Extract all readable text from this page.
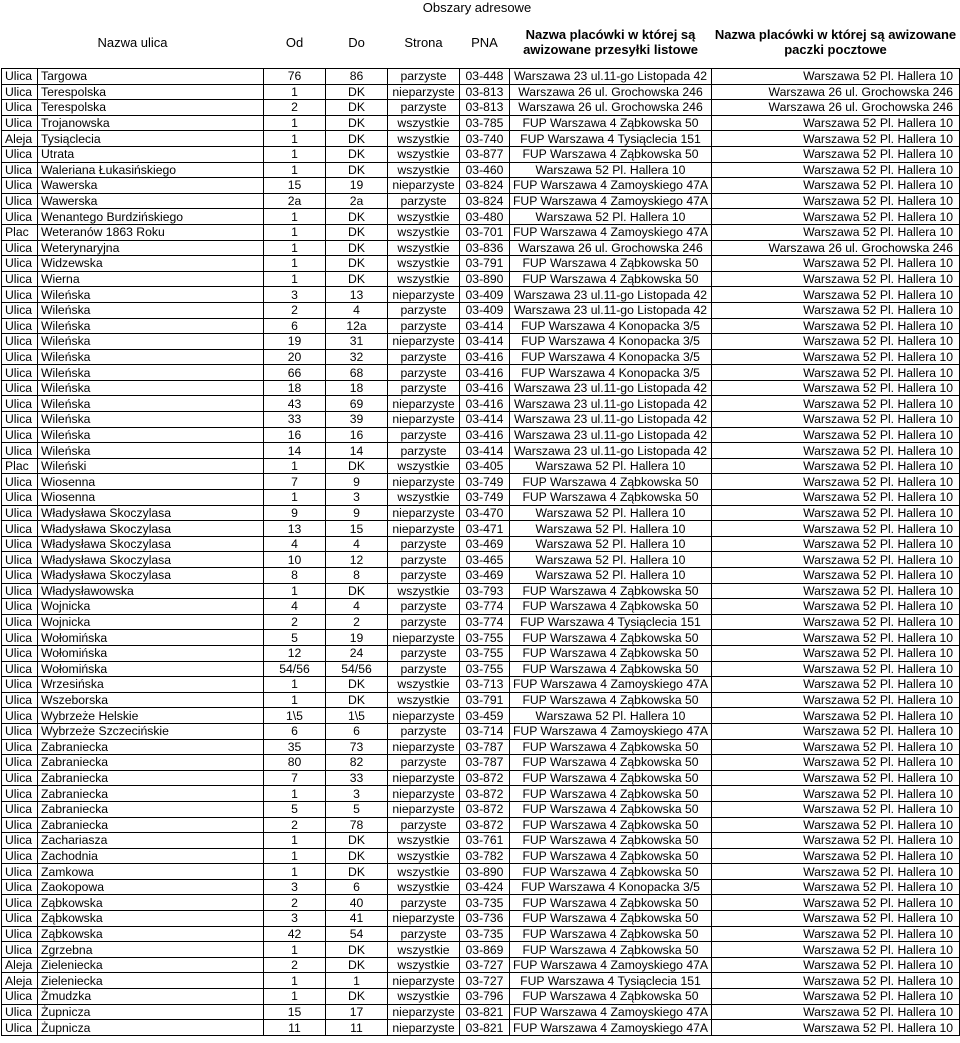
Obszary adresowe
Nazwa ulica		Od	Do	Strona	PNA	Nazwa placówki w której są awizowane przesyłki listowe	Nazwa placówki w której są awizowane paczki pocztowe
Ulica	Targowa	76	86	parzyste	03-448	Warszawa 23 ul.11-go Listopada 42	Warszawa 52 Pl. Hallera 10
Ulica	Terespolska	1	DK	nieparzyste	03-813	Warszawa 26 ul. Grochowska 246	Warszawa 26 ul. Grochowska 246
Ulica	Terespolska	2	DK	parzyste	03-813	Warszawa 26 ul. Grochowska 246	Warszawa 26 ul. Grochowska 246
Ulica	Trojanowska	1	DK	wszystkie	03-785	FUP Warszawa 4 Ząbkowska 50	Warszawa 52 Pl. Hallera 10
Aleja	Tysiąclecia	1	DK	wszystkie	03-740	FUP Warszawa 4 Tysiąclecia 151	Warszawa 52 Pl. Hallera 10
Ulica	Utrata	1	DK	wszystkie	03-877	FUP Warszawa 4 Ząbkowska 50	Warszawa 52 Pl. Hallera 10
Ulica	Waleriana Łukasińskiego	1	DK	wszystkie	03-460	Warszawa 52 Pl. Hallera 10	Warszawa 52 Pl. Hallera 10
Ulica	Wawerska	15	19	nieparzyste	03-824	FUP Warszawa 4 Zamoyskiego 47A	Warszawa 52 Pl. Hallera 10
Ulica	Wawerska	2a	2a	parzyste	03-824	FUP Warszawa 4 Zamoyskiego 47A	Warszawa 52 Pl. Hallera 10
Ulica	Wenantego Burdzińskiego	1	DK	wszystkie	03-480	Warszawa 52 Pl. Hallera 10	Warszawa 52 Pl. Hallera 10
Plac	Weteranów 1863 Roku	1	DK	wszystkie	03-701	FUP Warszawa 4 Zamoyskiego 47A	Warszawa 52 Pl. Hallera 10
Ulica	Weterynaryjna	1	DK	wszystkie	03-836	Warszawa 26 ul. Grochowska 246	Warszawa 26 ul. Grochowska 246
Ulica	Widzewska	1	DK	wszystkie	03-791	FUP Warszawa 4 Ząbkowska 50	Warszawa 52 Pl. Hallera 10
Ulica	Wierna	1	DK	wszystkie	03-890	FUP Warszawa 4 Ząbkowska 50	Warszawa 52 Pl. Hallera 10
Ulica	Wileńska	3	13	nieparzyste	03-409	Warszawa 23 ul.11-go Listopada 42	Warszawa 52 Pl. Hallera 10
Ulica	Wileńska	2	4	parzyste	03-409	Warszawa 23 ul.11-go Listopada 42	Warszawa 52 Pl. Hallera 10
Ulica	Wileńska	6	12a	parzyste	03-414	FUP Warszawa 4 Konopacka 3/5	Warszawa 52 Pl. Hallera 10
Ulica	Wileńska	19	31	nieparzyste	03-414	FUP Warszawa 4 Konopacka 3/5	Warszawa 52 Pl. Hallera 10
Ulica	Wileńska	20	32	parzyste	03-416	FUP Warszawa 4 Konopacka 3/5	Warszawa 52 Pl. Hallera 10
Ulica	Wileńska	66	68	parzyste	03-416	FUP Warszawa 4 Konopacka 3/5	Warszawa 52 Pl. Hallera 10
Ulica	Wileńska	18	18	parzyste	03-416	Warszawa 23 ul.11-go Listopada 42	Warszawa 52 Pl. Hallera 10
Ulica	Wileńska	43	69	nieparzyste	03-416	Warszawa 23 ul.11-go Listopada 42	Warszawa 52 Pl. Hallera 10
Ulica	Wileńska	33	39	nieparzyste	03-414	Warszawa 23 ul.11-go Listopada 42	Warszawa 52 Pl. Hallera 10
Ulica	Wileńska	16	16	parzyste	03-416	Warszawa 23 ul.11-go Listopada 42	Warszawa 52 Pl. Hallera 10
Ulica	Wileńska	14	14	parzyste	03-414	Warszawa 23 ul.11-go Listopada 42	Warszawa 52 Pl. Hallera 10
Plac	Wileński	1	DK	wszystkie	03-405	Warszawa 52 Pl. Hallera 10	Warszawa 52 Pl. Hallera 10
Ulica	Wiosenna	7	9	nieparzyste	03-749	FUP Warszawa 4 Ząbkowska 50	Warszawa 52 Pl. Hallera 10
Ulica	Wiosenna	1	3	wszystkie	03-749	FUP Warszawa 4 Ząbkowska 50	Warszawa 52 Pl. Hallera 10
Ulica	Władysława Skoczylasa	9	9	nieparzyste	03-470	Warszawa 52 Pl. Hallera 10	Warszawa 52 Pl. Hallera 10
Ulica	Władysława Skoczylasa	13	15	nieparzyste	03-471	Warszawa 52 Pl. Hallera 10	Warszawa 52 Pl. Hallera 10
Ulica	Władysława Skoczylasa	4	4	parzyste	03-469	Warszawa 52 Pl. Hallera 10	Warszawa 52 Pl. Hallera 10
Ulica	Władysława Skoczylasa	10	12	parzyste	03-465	Warszawa 52 Pl. Hallera 10	Warszawa 52 Pl. Hallera 10
Ulica	Władysława Skoczylasa	8	8	parzyste	03-469	Warszawa 52 Pl. Hallera 10	Warszawa 52 Pl. Hallera 10
Ulica	Władysławowska	1	DK	wszystkie	03-793	FUP Warszawa 4 Ząbkowska 50	Warszawa 52 Pl. Hallera 10
Ulica	Wojnicka	4	4	parzyste	03-774	FUP Warszawa 4 Ząbkowska 50	Warszawa 52 Pl. Hallera 10
Ulica	Wojnicka	2	2	parzyste	03-774	FUP Warszawa 4 Tysiąclecia 151	Warszawa 52 Pl. Hallera 10
Ulica	Wołomińska	5	19	nieparzyste	03-755	FUP Warszawa 4 Ząbkowska 50	Warszawa 52 Pl. Hallera 10
Ulica	Wołomińska	12	24	parzyste	03-755	FUP Warszawa 4 Ząbkowska 50	Warszawa 52 Pl. Hallera 10
Ulica	Wołomińska	54/56	54/56	parzyste	03-755	FUP Warszawa 4 Ząbkowska 50	Warszawa 52 Pl. Hallera 10
Ulica	Wrzesińska	1	DK	wszystkie	03-713	FUP Warszawa 4 Zamoyskiego 47A	Warszawa 52 Pl. Hallera 10
Ulica	Wszeborska	1	DK	wszystkie	03-791	FUP Warszawa 4 Ząbkowska 50	Warszawa 52 Pl. Hallera 10
Ulica	Wybrzeże Helskie	1\5	1\5	nieparzyste	03-459	Warszawa 52 Pl. Hallera 10	Warszawa 52 Pl. Hallera 10
Ulica	Wybrzeże Szczecińskie	6	6	parzyste	03-714	FUP Warszawa 4 Zamoyskiego 47A	Warszawa 52 Pl. Hallera 10
Ulica	Zabraniecka	35	73	nieparzyste	03-787	FUP Warszawa 4 Ząbkowska 50	Warszawa 52 Pl. Hallera 10
Ulica	Zabraniecka	80	82	parzyste	03-787	FUP Warszawa 4 Ząbkowska 50	Warszawa 52 Pl. Hallera 10
Ulica	Zabraniecka	7	33	nieparzyste	03-872	FUP Warszawa 4 Ząbkowska 50	Warszawa 52 Pl. Hallera 10
Ulica	Zabraniecka	1	3	nieparzyste	03-872	FUP Warszawa 4 Ząbkowska 50	Warszawa 52 Pl. Hallera 10
Ulica	Zabraniecka	5	5	nieparzyste	03-872	FUP Warszawa 4 Ząbkowska 50	Warszawa 52 Pl. Hallera 10
Ulica	Zabraniecka	2	78	parzyste	03-872	FUP Warszawa 4 Ząbkowska 50	Warszawa 52 Pl. Hallera 10
Ulica	Zachariasza	1	DK	wszystkie	03-761	FUP Warszawa 4 Ząbkowska 50	Warszawa 52 Pl. Hallera 10
Ulica	Zachodnia	1	DK	wszystkie	03-782	FUP Warszawa 4 Ząbkowska 50	Warszawa 52 Pl. Hallera 10
Ulica	Zamkowa	1	DK	wszystkie	03-890	FUP Warszawa 4 Ząbkowska 50	Warszawa 52 Pl. Hallera 10
Ulica	Zaokopowa	3	6	wszystkie	03-424	FUP Warszawa 4 Konopacka 3/5	Warszawa 52 Pl. Hallera 10
Ulica	Ząbkowska	2	40	parzyste	03-735	FUP Warszawa 4 Ząbkowska 50	Warszawa 52 Pl. Hallera 10
Ulica	Ząbkowska	3	41	nieparzyste	03-736	FUP Warszawa 4 Ząbkowska 50	Warszawa 52 Pl. Hallera 10
Ulica	Ząbkowska	42	54	parzyste	03-735	FUP Warszawa 4 Ząbkowska 50	Warszawa 52 Pl. Hallera 10
Ulica	Zgrzebna	1	DK	wszystkie	03-869	FUP Warszawa 4 Ząbkowska 50	Warszawa 52 Pl. Hallera 10
Aleja	Zieleniecka	2	DK	wszystkie	03-727	FUP Warszawa 4 Zamoyskiego 47A	Warszawa 52 Pl. Hallera 10
Aleja	Zieleniecka	1	1	nieparzyste	03-727	FUP Warszawa 4 Tysiąclecia 151	Warszawa 52 Pl. Hallera 10
Ulica	Żmudzka	1	DK	wszystkie	03-796	FUP Warszawa 4 Ząbkowska 50	Warszawa 52 Pl. Hallera 10
Ulica	Żupnicza	15	17	nieparzyste	03-821	FUP Warszawa 4 Zamoyskiego 47A	Warszawa 52 Pl. Hallera 10
Ulica	Żupnicza	11	11	nieparzyste	03-821	FUP Warszawa 4 Zamoyskiego 47A	Warszawa 52 Pl. Hallera 10
